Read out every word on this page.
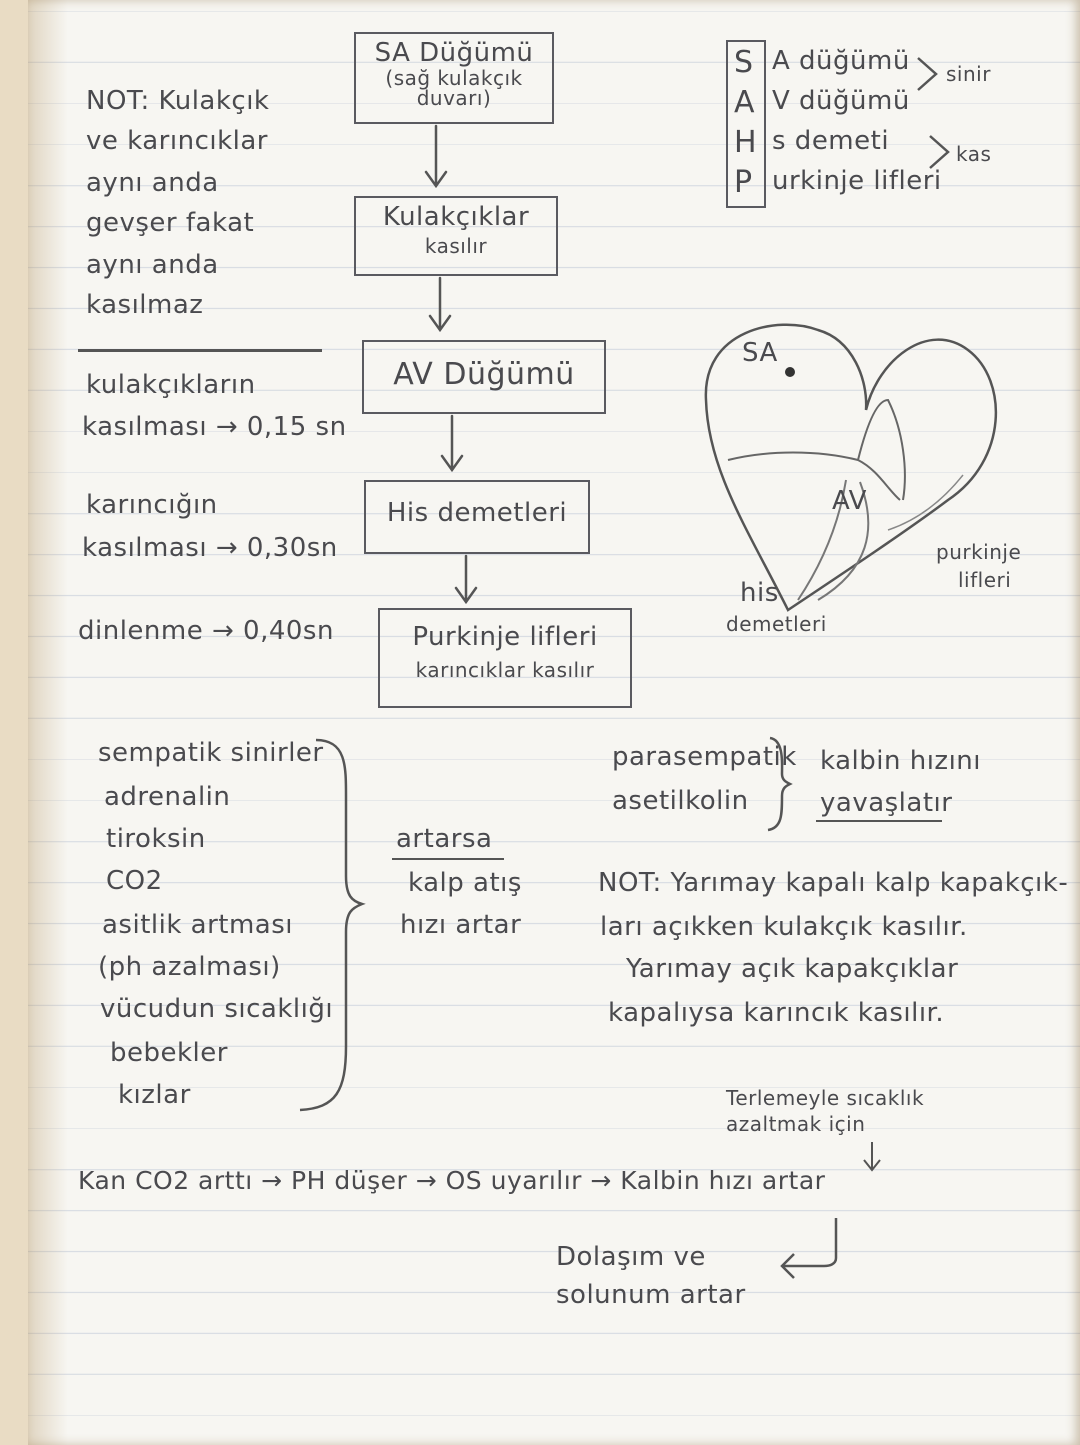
NOT: Kulakçık

ve karıncıklar

aynı anda

gevşer fakat

aynı anda

kasılmaz

kulakçıkların

kasılması → 0,15 sn

karıncığın

kasılması → 0,30sn

dinlenme → 0,40sn

SA Düğümü

(sağ kulakçık

duvarı)

Kulakçıklar

kasılır

AV Düğümü

His demetleri

Purkinje lifleri

karıncıklar kasılır

S

A

H

P

A düğümü

V düğümü

s demeti

urkinje lifleri

sinir

kas

SA

AV

purkinje

lifleri

his

demetleri

sempatik sinirler

adrenalin

tiroksin

CO2

asitlik artması

(ph azalması)

vücudun sıcaklığı

bebekler

kızlar

artarsa

kalp atış

hızı artar

parasempatik

asetilkolin

kalbin hızını

yavaşlatır

NOT: Yarımay kapalı kalp kapakçık-

ları açıkken kulakçık kasılır.

Yarımay açık kapakçıklar

kapalıysa karıncık kasılır.

Terlemeyle sıcaklık

azaltmak için

Kan CO2 arttı → PH düşer → OS uyarılır → Kalbin hızı artar

Dolaşım ve

solunum artar
